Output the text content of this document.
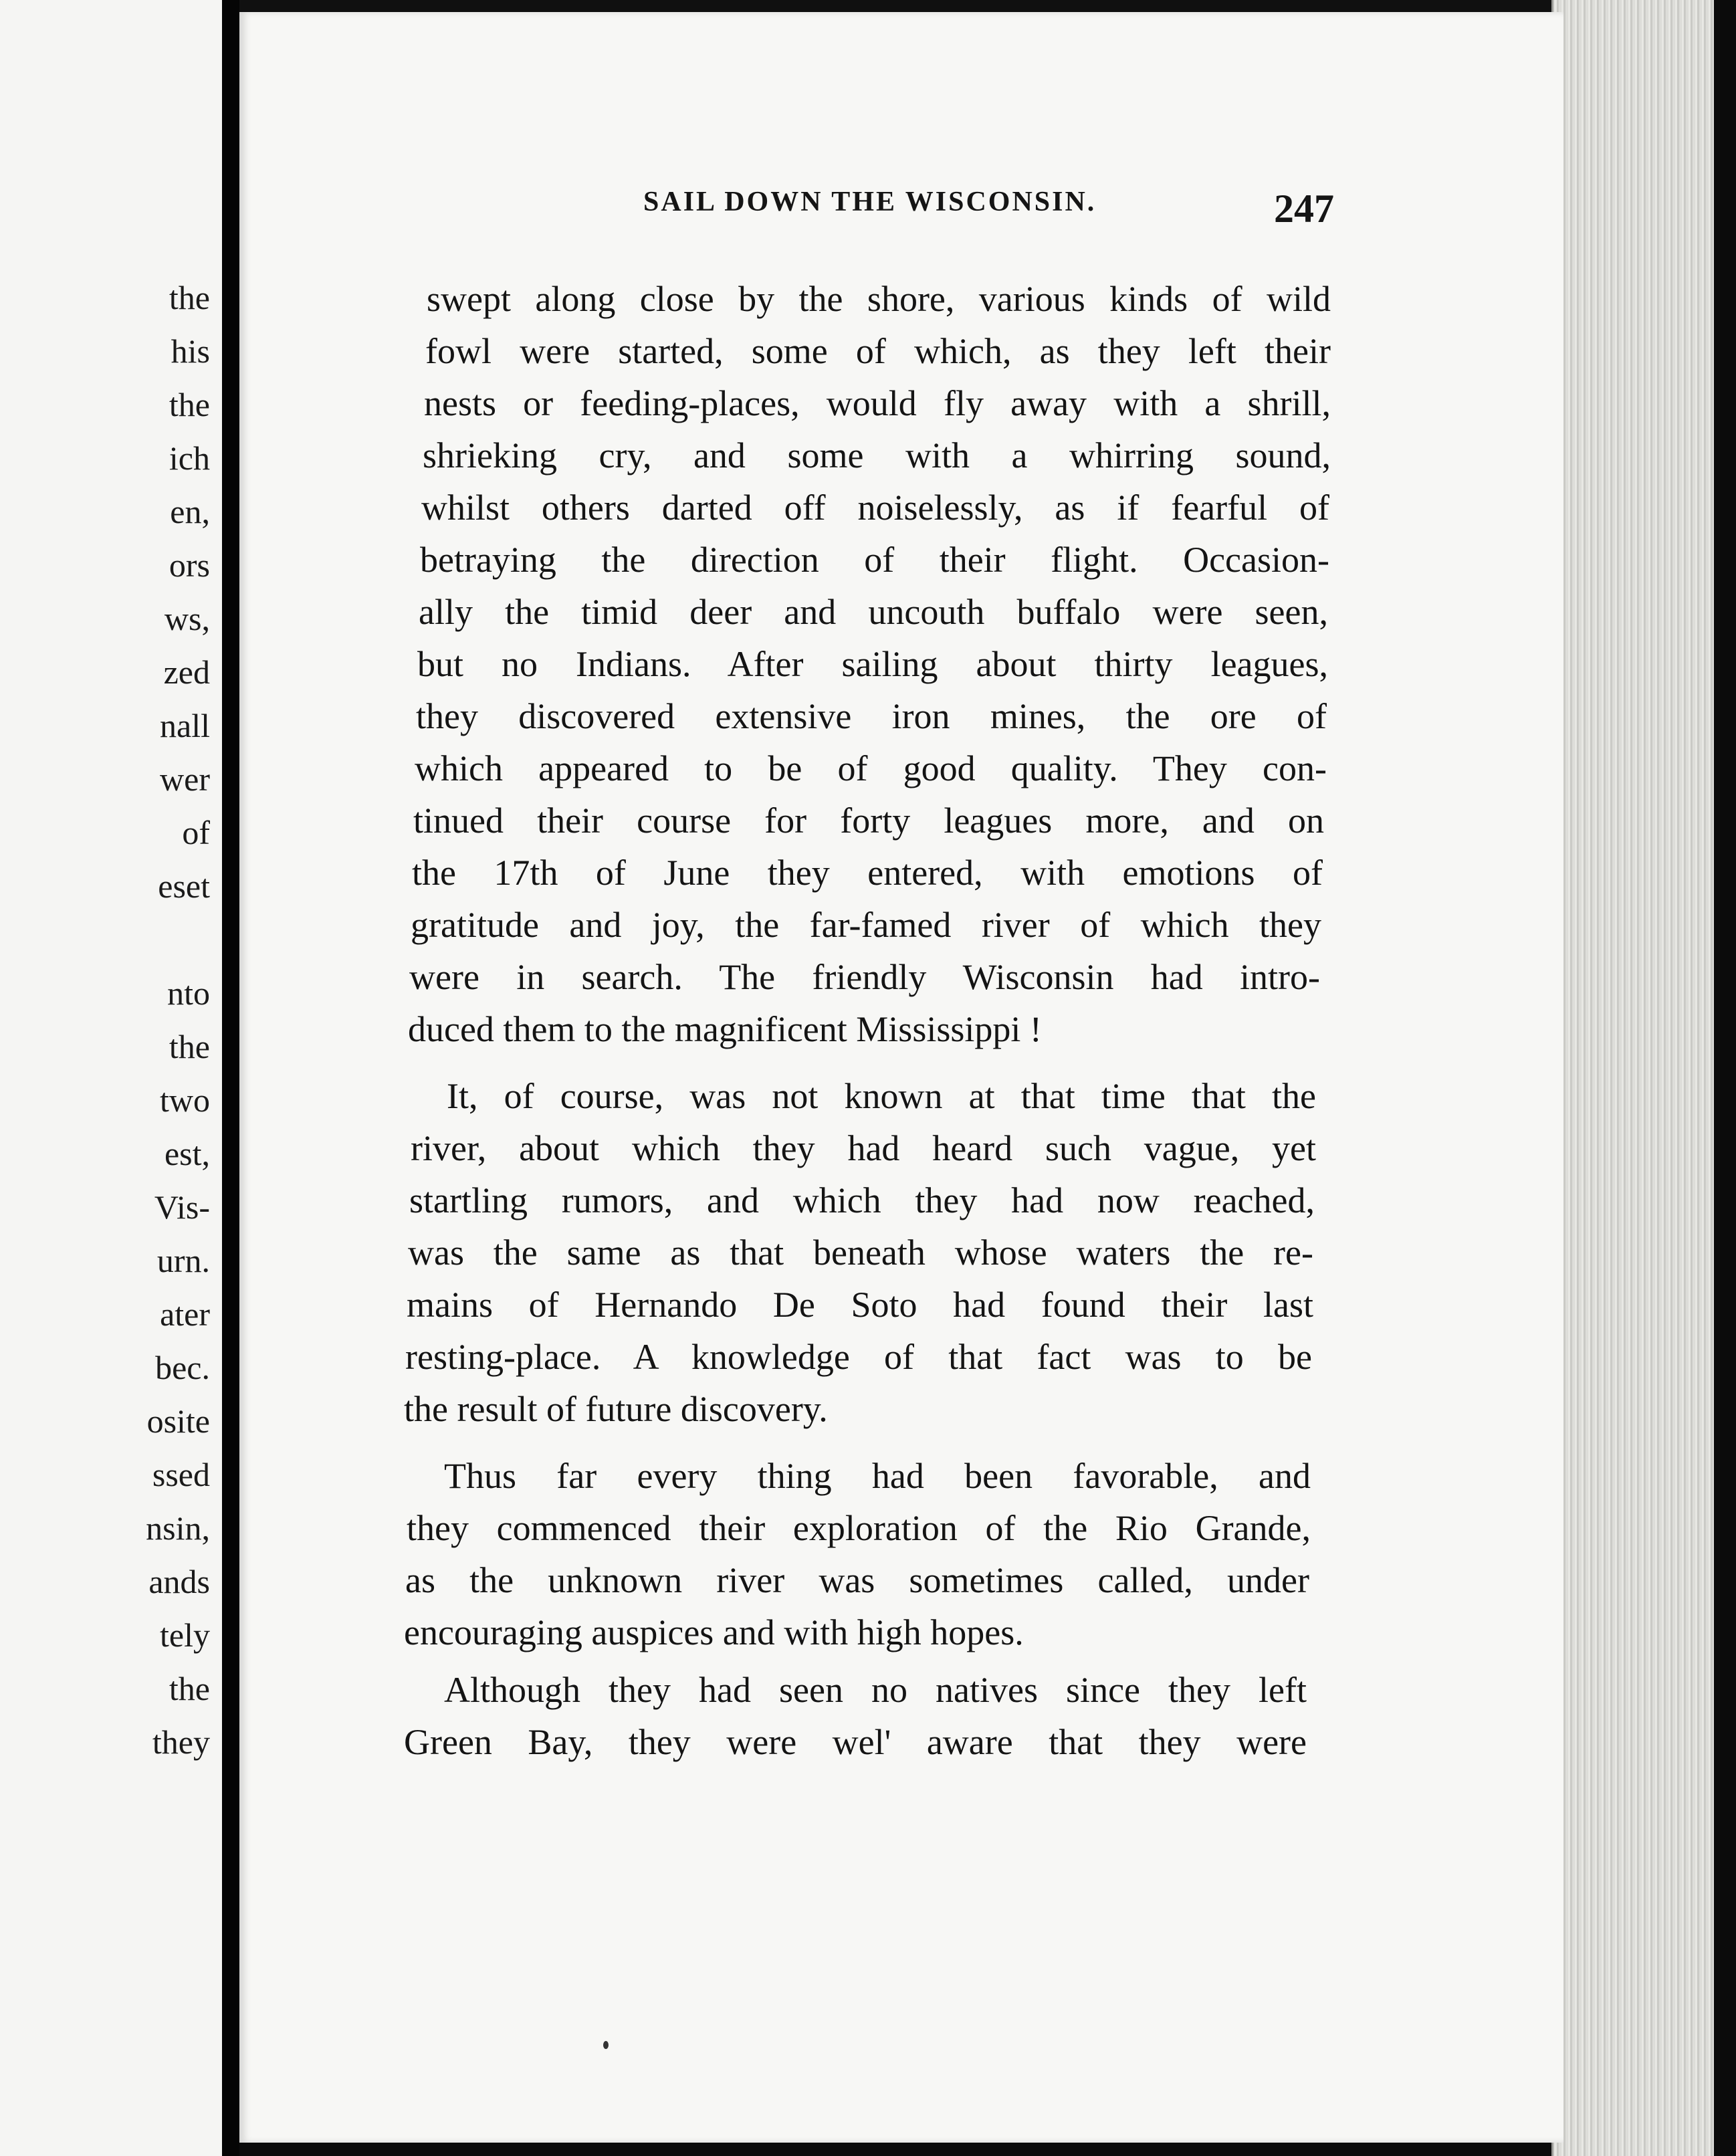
the
his
the
ich
en,
ors
ws,
zed
nall
wer
of
eset
nto
the
two
est,
Vis-
urn.
ater
bec.
osite
ssed
nsin,
ands
tely
the
they
SAIL DOWN THE WISCONSIN.	247
swept along close by the shore, various kinds of wild
fowl were started, some of which, as they left their
nests or feeding-places, would fly away with a shrill,
shrieking cry, and some with a whirring sound,
whilst others darted off noiselessly, as if fearful of
betraying the direction of their flight. Occasion-
ally the timid deer and uncouth buffalo were seen,
but no Indians. After sailing about thirty leagues,
they discovered extensive iron mines, the ore of
which appeared to be of good quality. They con-
tinued their course for forty leagues more, and on
the 17th of June they entered, with emotions of
gratitude and joy, the far-famed river of which they
were in search. The friendly Wisconsin had intro-
duced them to the magnificent Mississippi !
It, of course, was not known at that time that the
river, about which they had heard such vague, yet
startling rumors, and which they had now reached,
was the same as that beneath whose waters the re-
mains of Hernando De Soto had found their last
resting-place. A knowledge of that fact was to be
the result of future discovery.
Thus far every thing had been favorable, and
they commenced their exploration of the Rio Grande,
as the unknown river was sometimes called, under
encouraging auspices and with high hopes.
Although they had seen no natives since they left
Green Bay, they were wel' aware that they were
